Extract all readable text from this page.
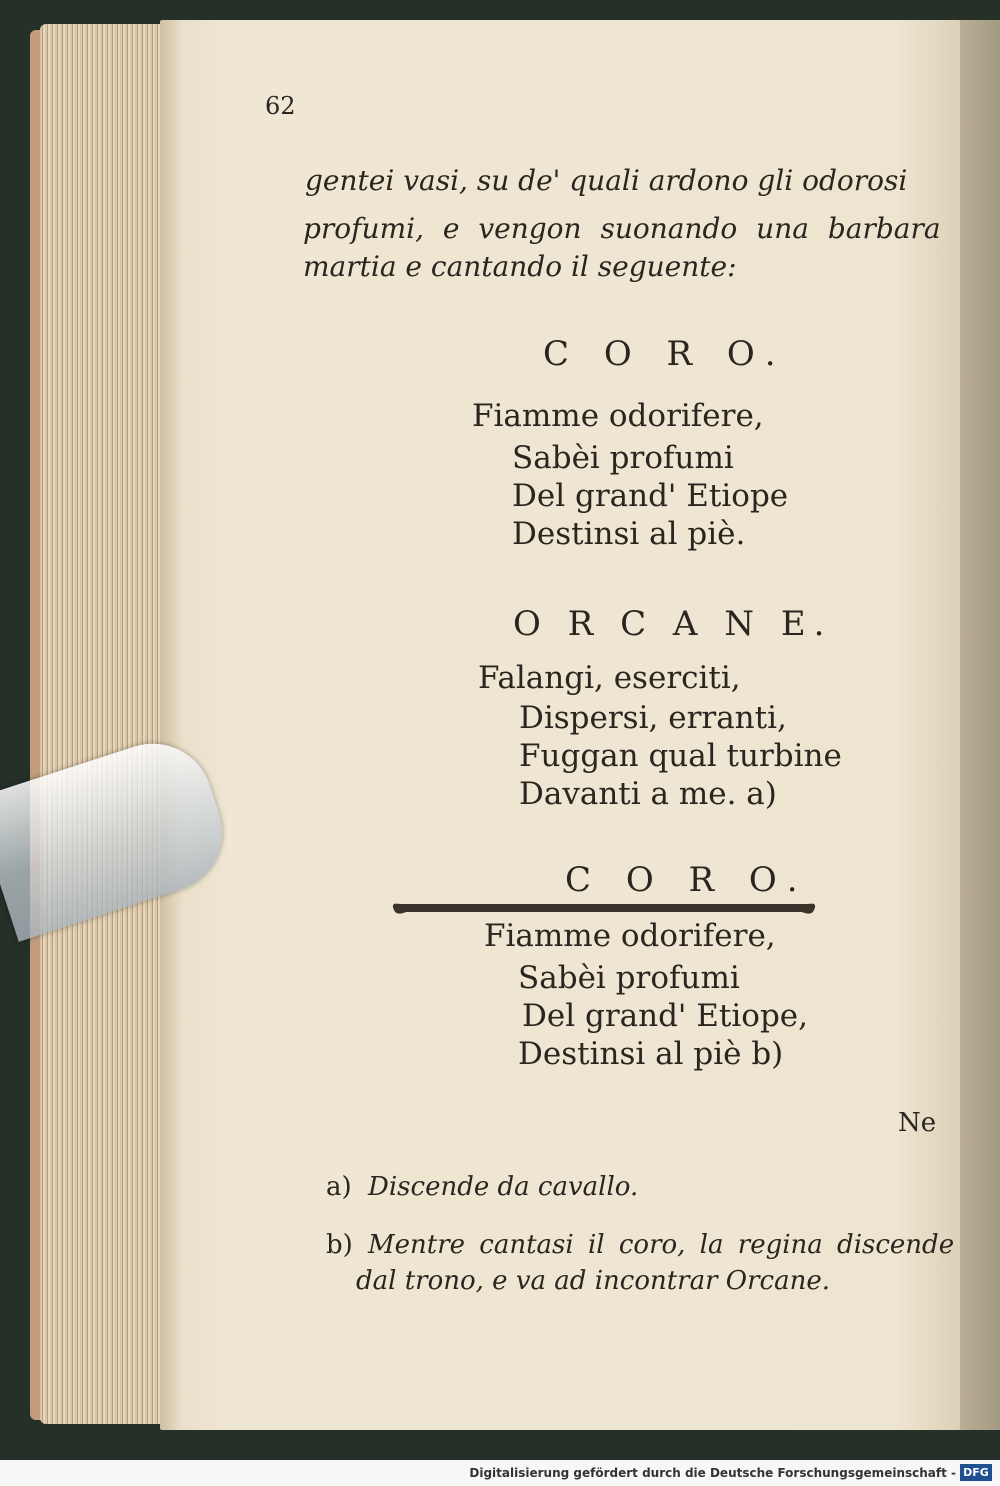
62
gentei vasi, su de' quali ardono gli odorosi
profumi, e vengon suonando una barbara
martia e cantando il seguente:
C O R O.
Fiamme odorifere,
Sabèi profumi
Del grand' Etiope
Destinsi al piè.
O R C A N E.
Falangi, eserciti,
Dispersi, erranti,
Fuggan qual turbine
Davanti a me. a)
C O R O.
Fiamme odorifere,
Sabèi profumi
Del grand' Etiope,
Destinsi al piè b)
Ne
a) Discende da cavallo.
b) Mentre cantasi il coro, la regina discende
dal trono, e va ad incontrar Orcane.
Digitalisierung gefördert durch die Deutsche Forschungsgemeinschaft - DFG
